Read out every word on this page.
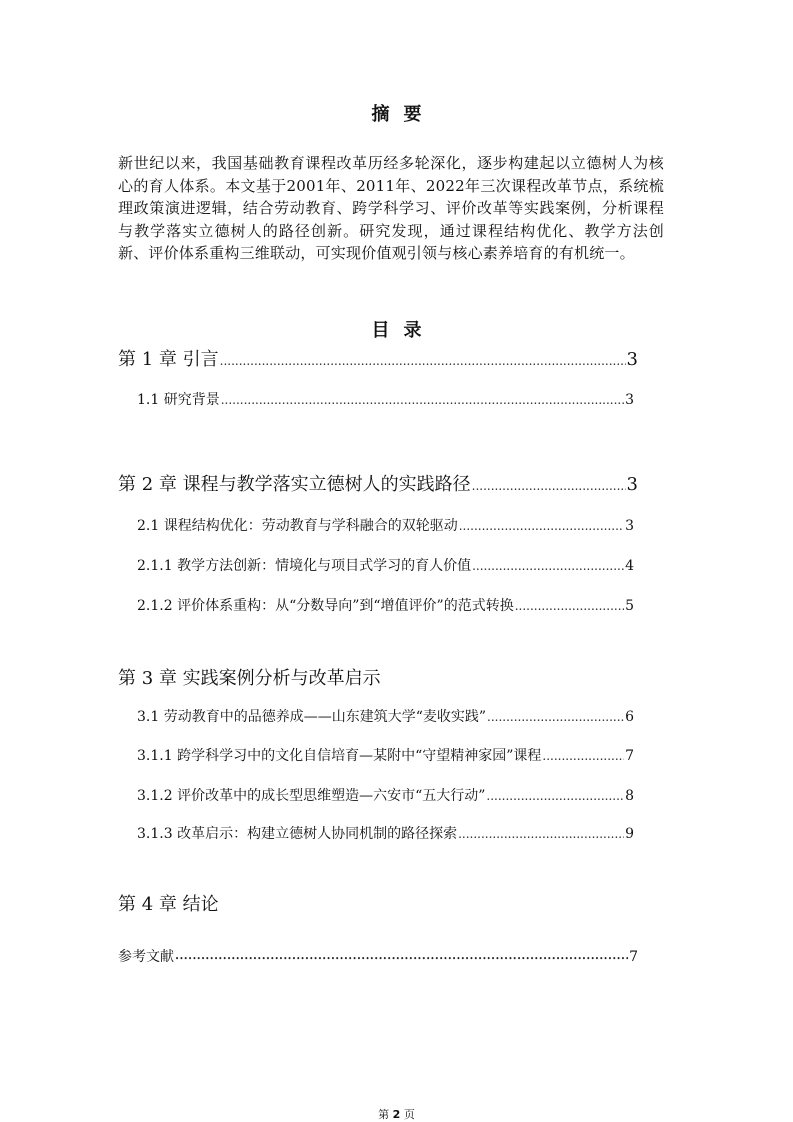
摘要
新世纪以来，我国基础教育课程改革历经多轮深化，逐步构建起以立德树人为核心的育人体系。本文基于2001年、2011年、2022年三次课程改革节点，系统梳理政策演进逻辑，结合劳动教育、跨学科学习、评价改革等实践案例，分析课程与教学落实立德树人的路径创新。研究发现，通过课程结构优化、教学方法创新、评价体系重构三维联动，可实现价值观引领与核心素养培育的有机统一。
目录
第 1 章 引言 .....	3
1.1 研究背景 .....	3
第 2 章 课程与教学落实立德树人的实践路径 .....	3
2.1 课程结构优化：劳动教育与学科融合的双轮驱动 .....	3
2.1.1 教学方法创新：情境化与项目式学习的育人价值 .....	4
2.1.2 评价体系重构：从“分数导向”到“增值评价”的范式转换 .....	5
第 3 章 实践案例分析与改革启示
3.1 劳动教育中的品德养成——山东建筑大学“麦收实践” .....	6
3.1.1 跨学科学习中的文化自信培育—某附中“守望精神家园”课程 .....	7
3.1.2 评价改革中的成长型思维塑造—六安市“五大行动” .....	8
3.1.3 改革启示：构建立德树人协同机制的路径探索 .....	9
第 4 章 结论
参考文献 •••••	7
第 2 页
